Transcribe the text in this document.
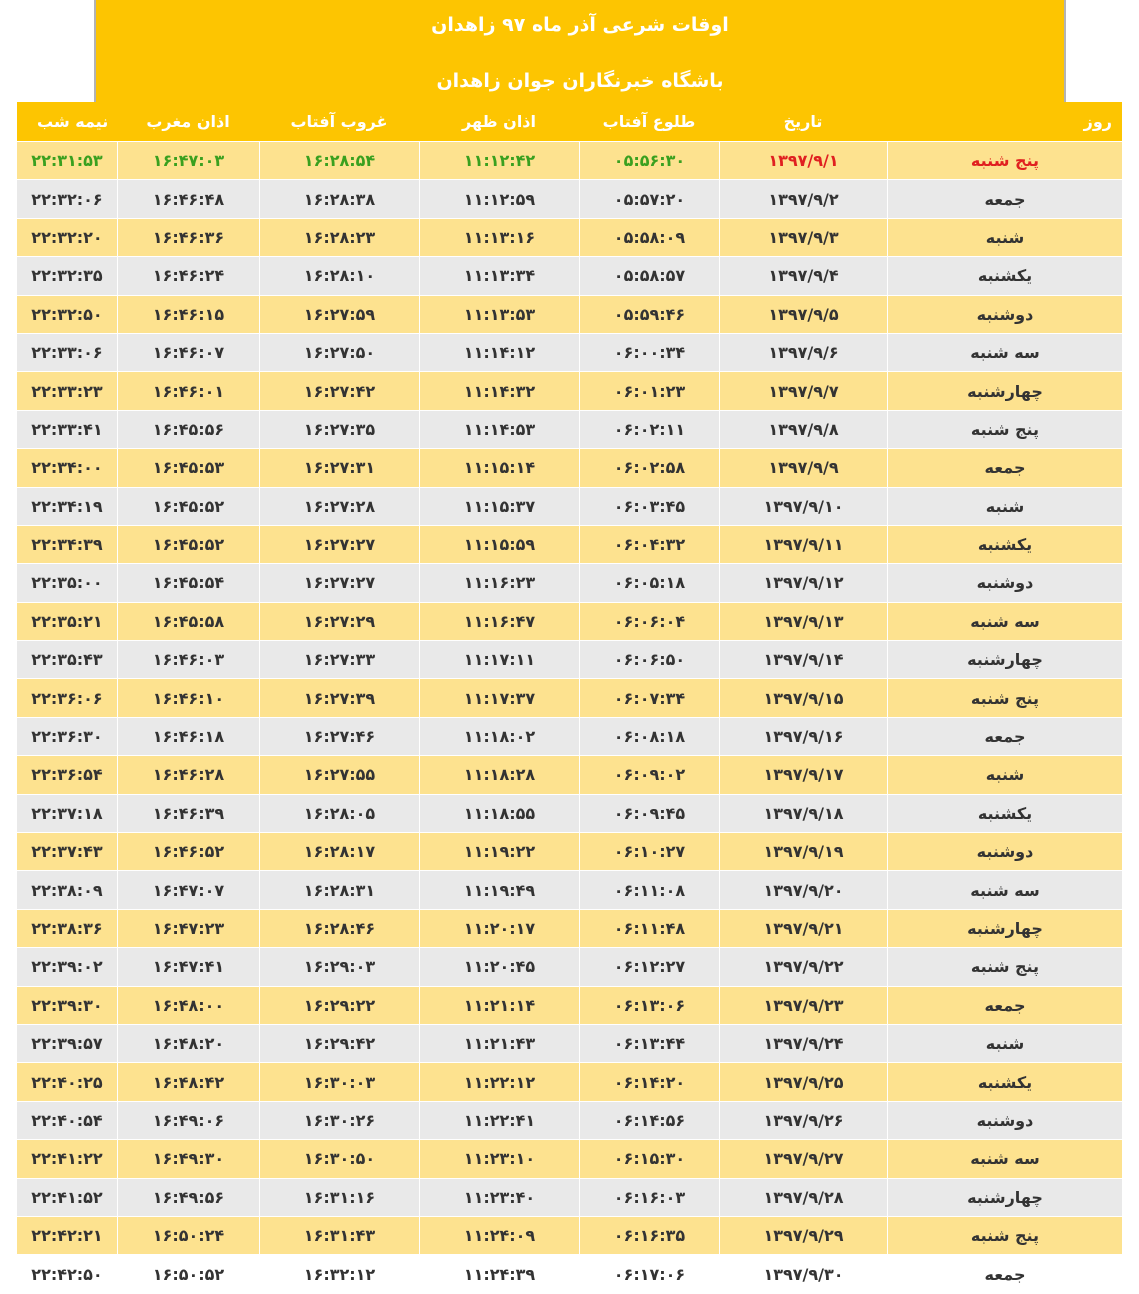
اوقات شرعی آذر ماه ۹۷ زاهدان
باشگاه خبرنگاران جوان زاهدان
نیمه شب	اذان مغرب	غروب آفتاب	اذان ظهر	طلوع آفتاب	تاریخ	روز
۲۲:۳۱:۵۳	۱۶:۴۷:۰۳	۱۶:۲۸:۵۴	۱۱:۱۲:۴۲	۰۵:۵۶:۳۰	۱۳۹۷/۹/۱	پنج شنبه
۲۲:۳۲:۰۶	۱۶:۴۶:۴۸	۱۶:۲۸:۳۸	۱۱:۱۲:۵۹	۰۵:۵۷:۲۰	۱۳۹۷/۹/۲	جمعه
۲۲:۳۲:۲۰	۱۶:۴۶:۳۶	۱۶:۲۸:۲۳	۱۱:۱۳:۱۶	۰۵:۵۸:۰۹	۱۳۹۷/۹/۳	شنبه
۲۲:۳۲:۳۵	۱۶:۴۶:۲۴	۱۶:۲۸:۱۰	۱۱:۱۳:۳۴	۰۵:۵۸:۵۷	۱۳۹۷/۹/۴	یکشنبه
۲۲:۳۲:۵۰	۱۶:۴۶:۱۵	۱۶:۲۷:۵۹	۱۱:۱۳:۵۳	۰۵:۵۹:۴۶	۱۳۹۷/۹/۵	دوشنبه
۲۲:۳۳:۰۶	۱۶:۴۶:۰۷	۱۶:۲۷:۵۰	۱۱:۱۴:۱۲	۰۶:۰۰:۳۴	۱۳۹۷/۹/۶	سه شنبه
۲۲:۳۳:۲۳	۱۶:۴۶:۰۱	۱۶:۲۷:۴۲	۱۱:۱۴:۳۲	۰۶:۰۱:۲۳	۱۳۹۷/۹/۷	چهارشنبه
۲۲:۳۳:۴۱	۱۶:۴۵:۵۶	۱۶:۲۷:۳۵	۱۱:۱۴:۵۳	۰۶:۰۲:۱۱	۱۳۹۷/۹/۸	پنج شنبه
۲۲:۳۴:۰۰	۱۶:۴۵:۵۳	۱۶:۲۷:۳۱	۱۱:۱۵:۱۴	۰۶:۰۲:۵۸	۱۳۹۷/۹/۹	جمعه
۲۲:۳۴:۱۹	۱۶:۴۵:۵۲	۱۶:۲۷:۲۸	۱۱:۱۵:۳۷	۰۶:۰۳:۴۵	۱۳۹۷/۹/۱۰	شنبه
۲۲:۳۴:۳۹	۱۶:۴۵:۵۲	۱۶:۲۷:۲۷	۱۱:۱۵:۵۹	۰۶:۰۴:۳۲	۱۳۹۷/۹/۱۱	یکشنبه
۲۲:۳۵:۰۰	۱۶:۴۵:۵۴	۱۶:۲۷:۲۷	۱۱:۱۶:۲۳	۰۶:۰۵:۱۸	۱۳۹۷/۹/۱۲	دوشنبه
۲۲:۳۵:۲۱	۱۶:۴۵:۵۸	۱۶:۲۷:۲۹	۱۱:۱۶:۴۷	۰۶:۰۶:۰۴	۱۳۹۷/۹/۱۳	سه شنبه
۲۲:۳۵:۴۳	۱۶:۴۶:۰۳	۱۶:۲۷:۳۳	۱۱:۱۷:۱۱	۰۶:۰۶:۵۰	۱۳۹۷/۹/۱۴	چهارشنبه
۲۲:۳۶:۰۶	۱۶:۴۶:۱۰	۱۶:۲۷:۳۹	۱۱:۱۷:۳۷	۰۶:۰۷:۳۴	۱۳۹۷/۹/۱۵	پنج شنبه
۲۲:۳۶:۳۰	۱۶:۴۶:۱۸	۱۶:۲۷:۴۶	۱۱:۱۸:۰۲	۰۶:۰۸:۱۸	۱۳۹۷/۹/۱۶	جمعه
۲۲:۳۶:۵۴	۱۶:۴۶:۲۸	۱۶:۲۷:۵۵	۱۱:۱۸:۲۸	۰۶:۰۹:۰۲	۱۳۹۷/۹/۱۷	شنبه
۲۲:۳۷:۱۸	۱۶:۴۶:۳۹	۱۶:۲۸:۰۵	۱۱:۱۸:۵۵	۰۶:۰۹:۴۵	۱۳۹۷/۹/۱۸	یکشنبه
۲۲:۳۷:۴۳	۱۶:۴۶:۵۲	۱۶:۲۸:۱۷	۱۱:۱۹:۲۲	۰۶:۱۰:۲۷	۱۳۹۷/۹/۱۹	دوشنبه
۲۲:۳۸:۰۹	۱۶:۴۷:۰۷	۱۶:۲۸:۳۱	۱۱:۱۹:۴۹	۰۶:۱۱:۰۸	۱۳۹۷/۹/۲۰	سه شنبه
۲۲:۳۸:۳۶	۱۶:۴۷:۲۳	۱۶:۲۸:۴۶	۱۱:۲۰:۱۷	۰۶:۱۱:۴۸	۱۳۹۷/۹/۲۱	چهارشنبه
۲۲:۳۹:۰۲	۱۶:۴۷:۴۱	۱۶:۲۹:۰۳	۱۱:۲۰:۴۵	۰۶:۱۲:۲۷	۱۳۹۷/۹/۲۲	پنج شنبه
۲۲:۳۹:۳۰	۱۶:۴۸:۰۰	۱۶:۲۹:۲۲	۱۱:۲۱:۱۴	۰۶:۱۳:۰۶	۱۳۹۷/۹/۲۳	جمعه
۲۲:۳۹:۵۷	۱۶:۴۸:۲۰	۱۶:۲۹:۴۲	۱۱:۲۱:۴۳	۰۶:۱۳:۴۴	۱۳۹۷/۹/۲۴	شنبه
۲۲:۴۰:۲۵	۱۶:۴۸:۴۲	۱۶:۳۰:۰۳	۱۱:۲۲:۱۲	۰۶:۱۴:۲۰	۱۳۹۷/۹/۲۵	یکشنبه
۲۲:۴۰:۵۴	۱۶:۴۹:۰۶	۱۶:۳۰:۲۶	۱۱:۲۲:۴۱	۰۶:۱۴:۵۶	۱۳۹۷/۹/۲۶	دوشنبه
۲۲:۴۱:۲۲	۱۶:۴۹:۳۰	۱۶:۳۰:۵۰	۱۱:۲۳:۱۰	۰۶:۱۵:۳۰	۱۳۹۷/۹/۲۷	سه شنبه
۲۲:۴۱:۵۲	۱۶:۴۹:۵۶	۱۶:۳۱:۱۶	۱۱:۲۳:۴۰	۰۶:۱۶:۰۳	۱۳۹۷/۹/۲۸	چهارشنبه
۲۲:۴۲:۲۱	۱۶:۵۰:۲۴	۱۶:۳۱:۴۳	۱۱:۲۴:۰۹	۰۶:۱۶:۳۵	۱۳۹۷/۹/۲۹	پنج شنبه
۲۲:۴۲:۵۰	۱۶:۵۰:۵۲	۱۶:۳۲:۱۲	۱۱:۲۴:۳۹	۰۶:۱۷:۰۶	۱۳۹۷/۹/۳۰	جمعه
